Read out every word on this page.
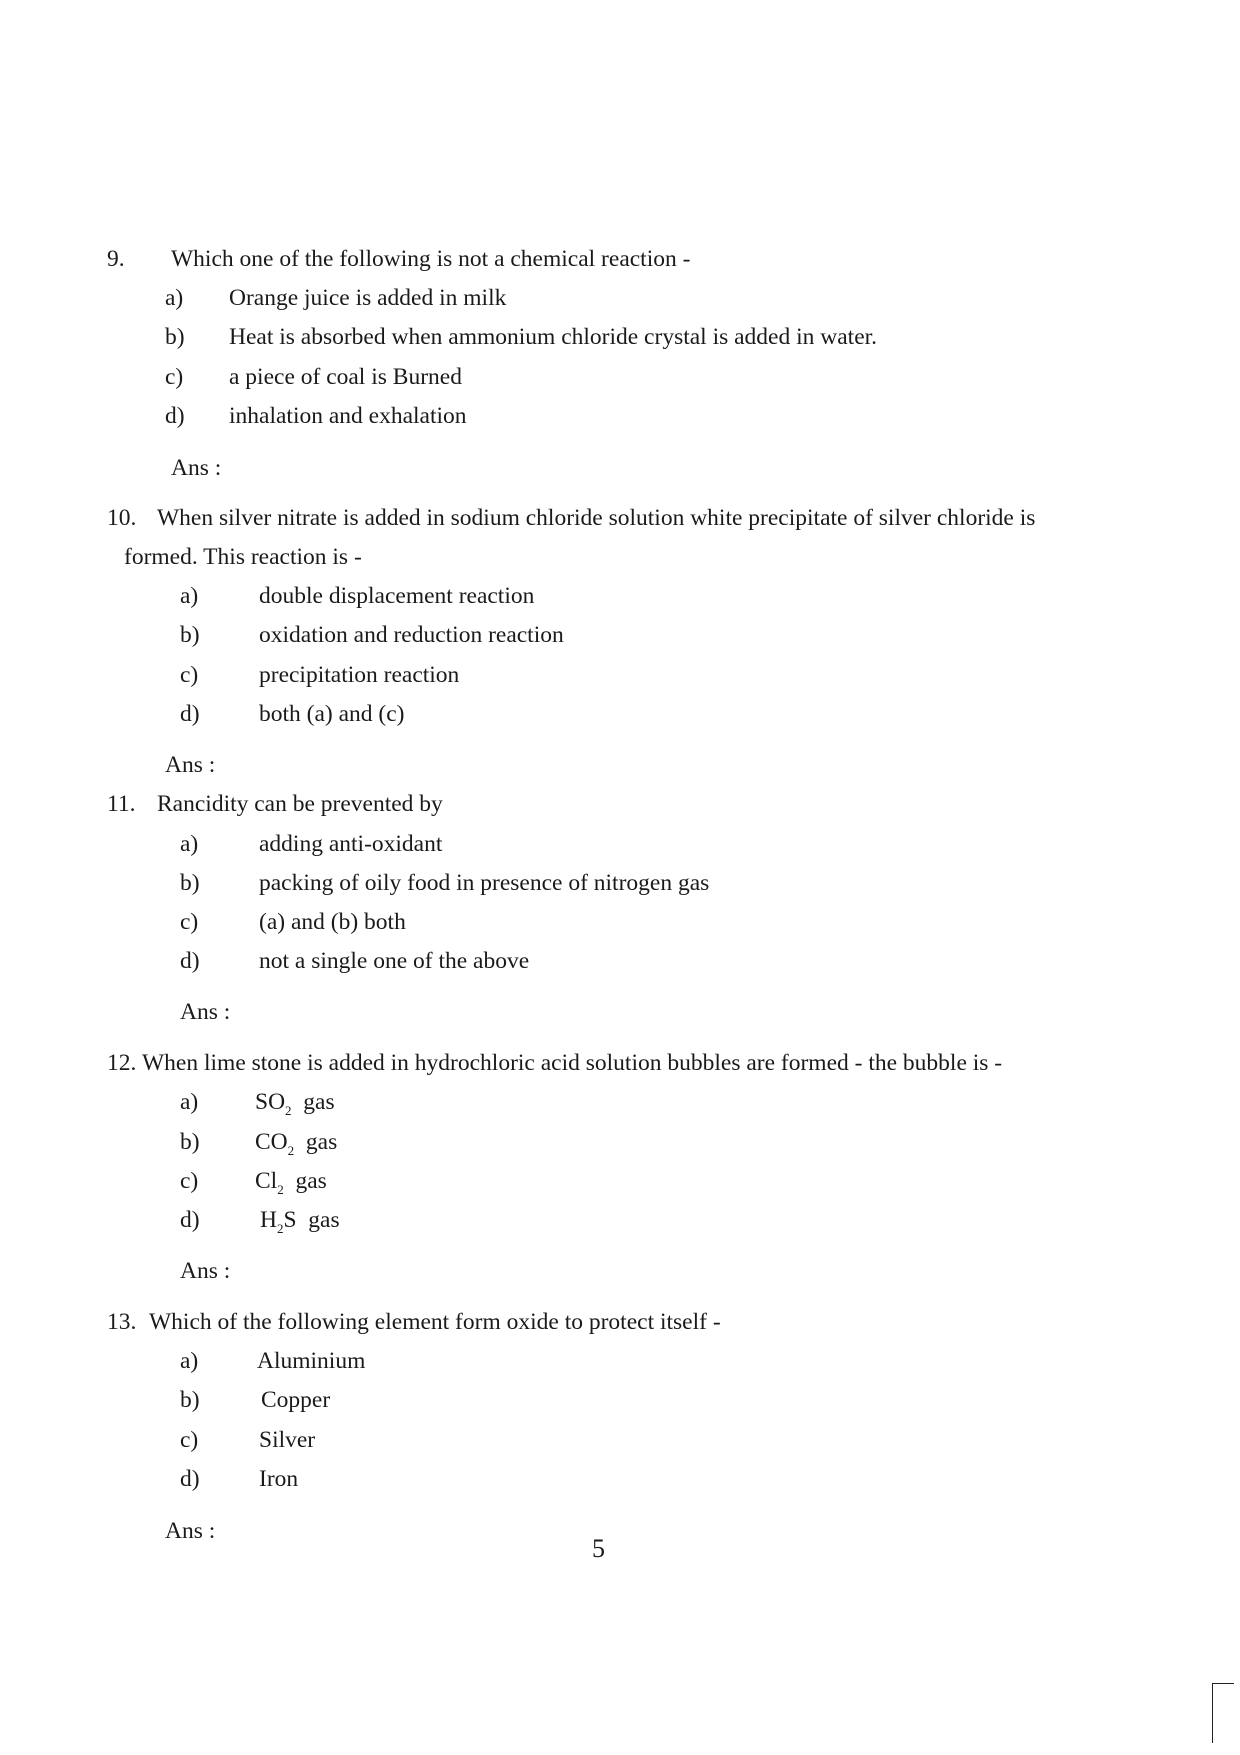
9. Which one of the following is not a chemical reaction -
a) Orange juice is added in milk
b) Heat is absorbed when ammonium chloride crystal is added in water.
c) a piece of coal is Burned
d) inhalation and exhalation
Ans :
10. When silver nitrate is added in sodium chloride solution white precipitate of silver chloride is
formed. This reaction is -
a)	double displacement reaction
b)	oxidation and reduction reaction
c)	precipitation reaction
d)	both (a) and (c)
Ans :
11. Rancidity can be prevented by
a)	adding anti-oxidant
b)	packing of oily food in presence of nitrogen gas
c)	(a) and (b) both
d)	not a single one of the above
Ans :
12. When lime stone is added in hydrochloric acid solution bubbles are formed - the bubble is -
a) $SO_2$  gas
b) $CO_2$  gas
c) $Cl_2$  gas
d)	$H_2S$  gas
Ans :
13. Which of the following element form oxide to protect itself -
a) Aluminium
b)	Copper
c)	Silver
d)	Iron
Ans :
5
